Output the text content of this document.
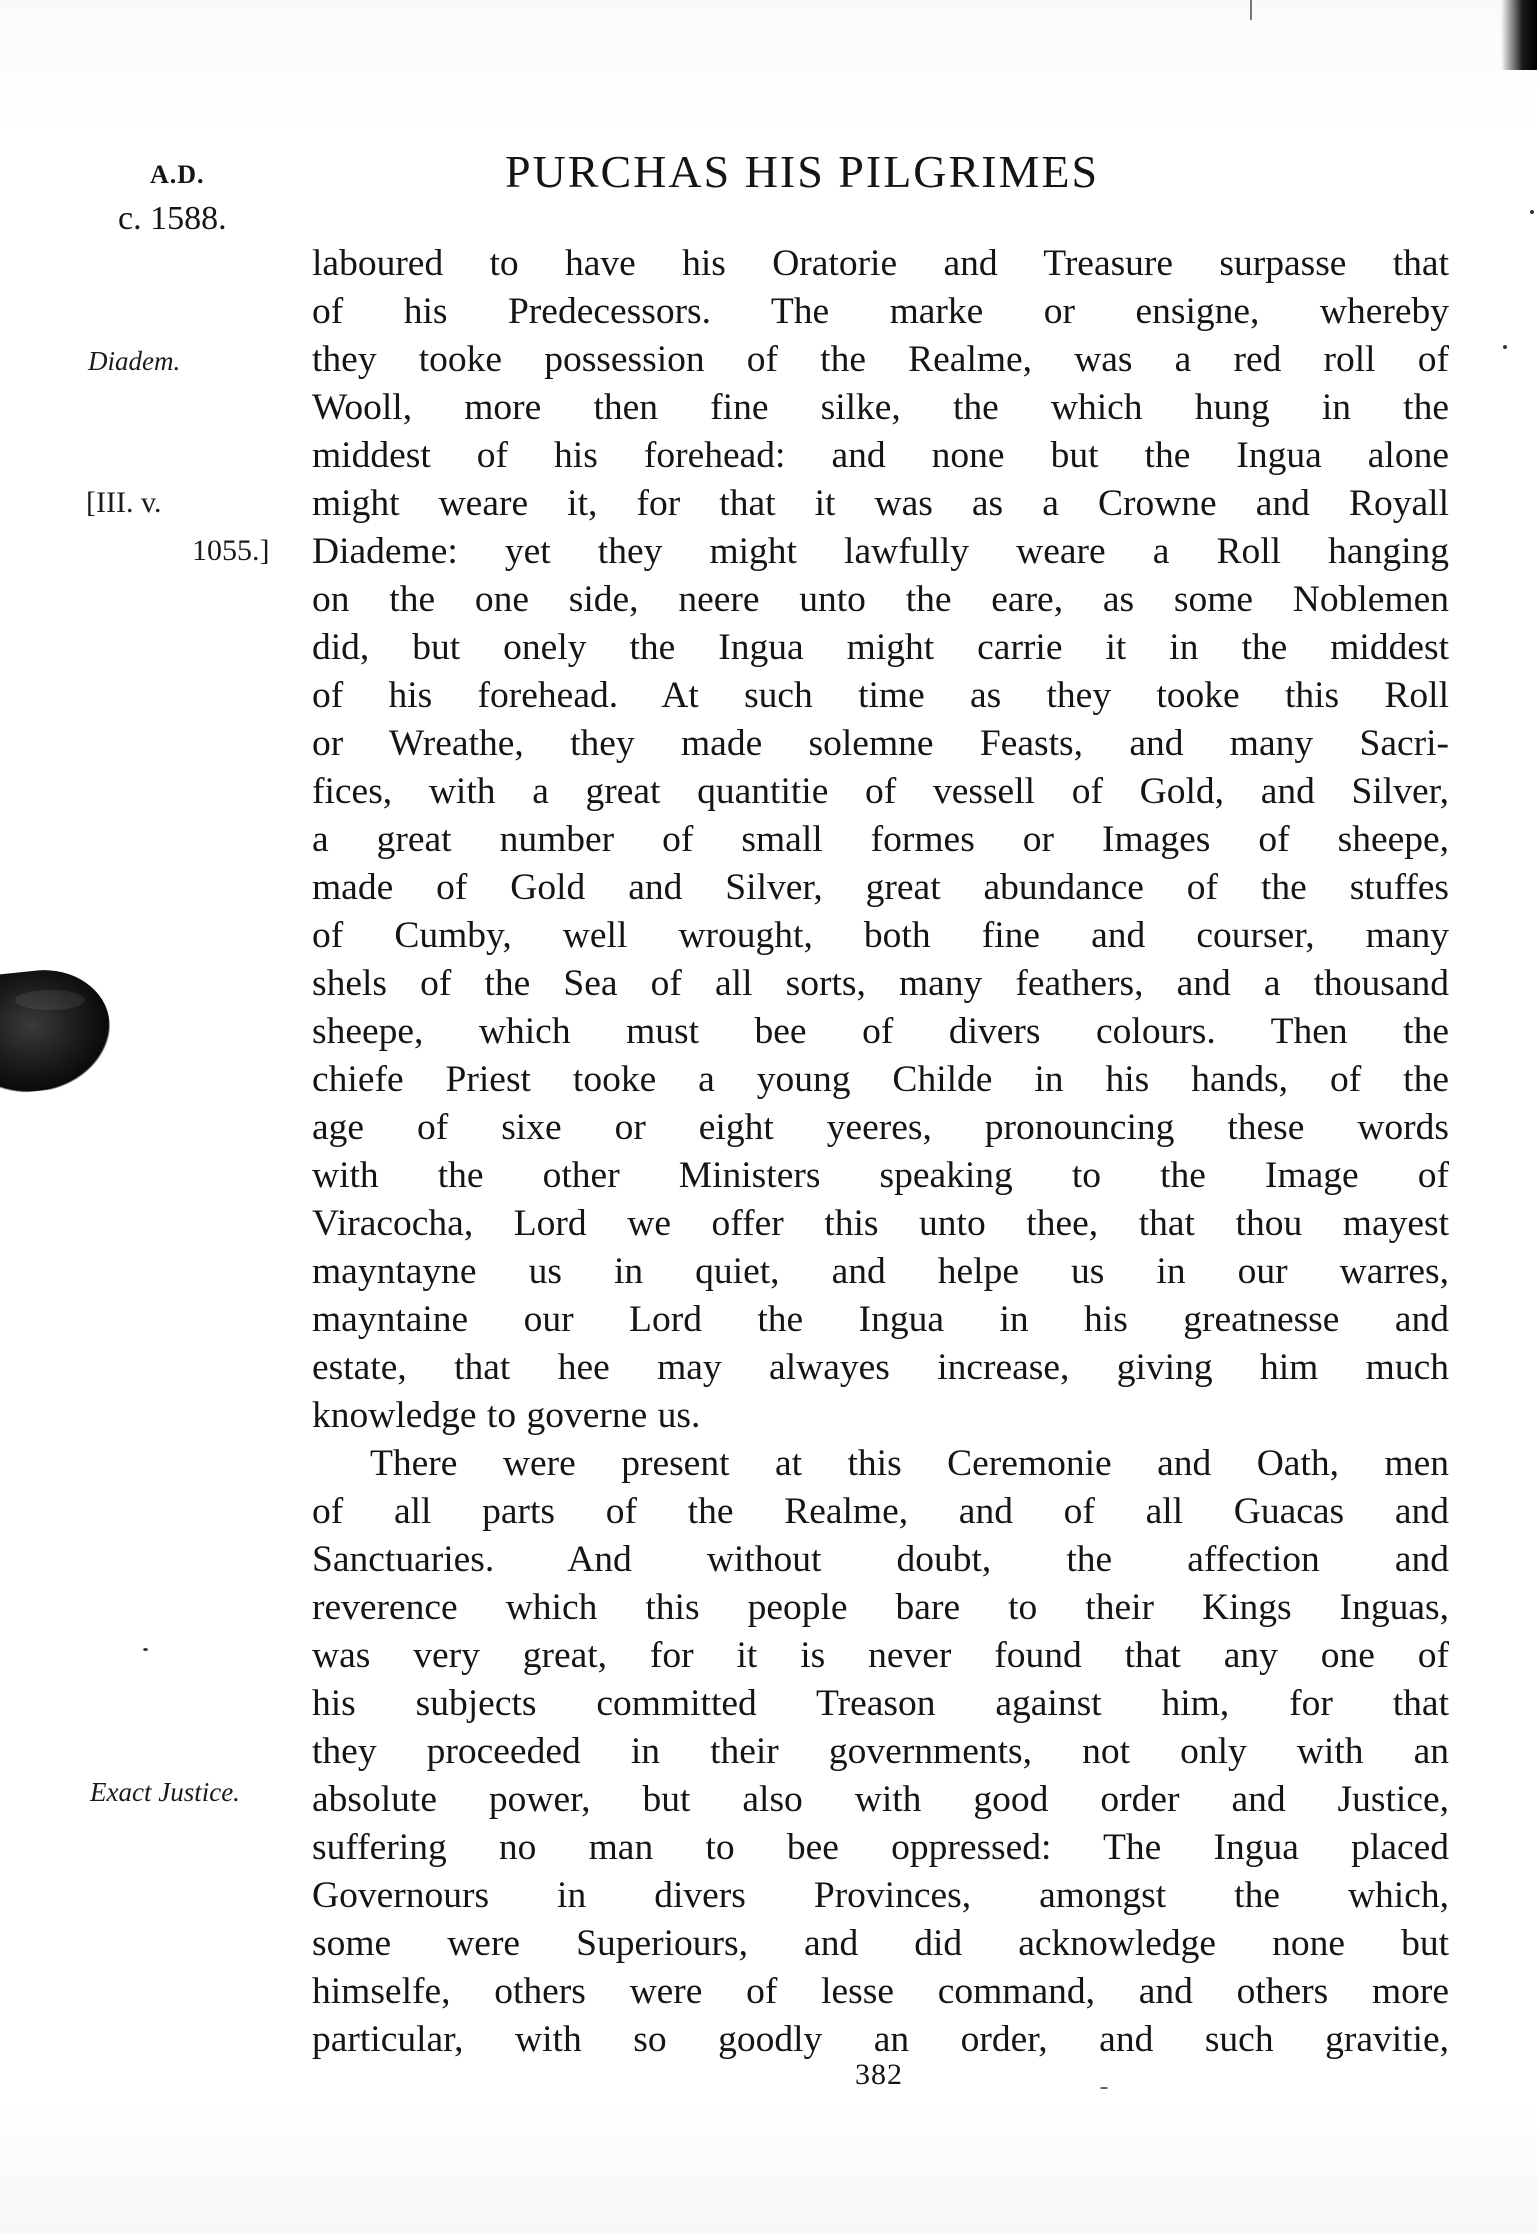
A.D.
c. 1588.
PURCHAS HIS PILGRIMES
Diadem.
[III. v.
1055.]
Exact Justice.
laboured to have his Oratorie and Treasure surpasse that
of his Predecessors. The marke or ensigne, whereby
they tooke possession of the Realme, was a red roll of
Wooll, more then fine silke, the which hung in the
middest of his forehead: and none but the Ingua alone
might weare it, for that it was as a Crowne and Royall
Diademe: yet they might lawfully weare a Roll hanging
on the one side, neere unto the eare, as some Noblemen
did, but onely the Ingua might carrie it in the middest
of his forehead. At such time as they tooke this Roll
or Wreathe, they made solemne Feasts, and many Sacri-
fices, with a great quantitie of vessell of Gold, and Silver,
a great number of small formes or Images of sheepe,
made of Gold and Silver, great abundance of the stuffes
of Cumby, well wrought, both fine and courser, many
shels of the Sea of all sorts, many feathers, and a thousand
sheepe, which must bee of divers colours. Then the
chiefe Priest tooke a young Childe in his hands, of the
age of sixe or eight yeeres, pronouncing these words
with the other Ministers speaking to the Image of
Viracocha, Lord we offer this unto thee, that thou mayest
mayntayne us in quiet, and helpe us in our warres,
mayntaine our Lord the Ingua in his greatnesse and
estate, that hee may alwayes increase, giving him much
knowledge to governe us.
There were present at this Ceremonie and Oath, men
of all parts of the Realme, and of all Guacas and
Sanctuaries. And without doubt, the affection and
reverence which this people bare to their Kings Inguas,
was very great, for it is never found that any one of
his subjects committed Treason against him, for that
they proceeded in their governments, not only with an
absolute power, but also with good order and Justice,
suffering no man to bee oppressed: The Ingua placed
Governours in divers Provinces, amongst the which,
some were Superiours, and did acknowledge none but
himselfe, others were of lesse command, and others more
particular, with so goodly an order, and such gravitie,
382
